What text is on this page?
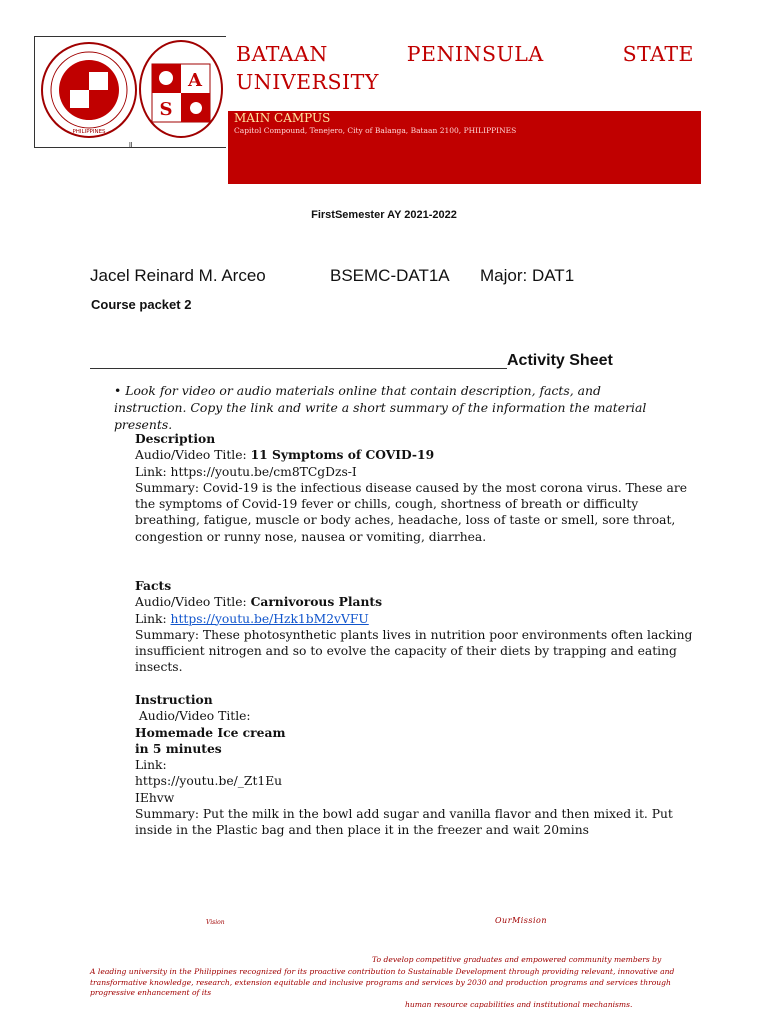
PHILIPPINES
A
S
ll
BATAAN	PENINSULA	STATE
UNIVERSITY
MAIN CAMPUS
Capitol Compound, Tenejero, City of Balanga, Bataan 2100, PHILIPPINES
FirstSemester AY 2021-2022
Jacel Reinard M. Arceo	BSEMC-DAT1A Major: DAT1
Course packet 2
Activity Sheet
• Look for video or audio materials online that contain description, facts, and instruction. Copy the link and write a short summary of the information the material presents.
Description
Audio/Video Title: 11 Symptoms of COVID-19
Link: https://youtu.be/cm8TCgDzs-I
Summary: Covid-19 is the infectious disease caused by the most corona virus. These are the symptoms of Covid-19 fever or chills, cough, shortness of breath or difficulty breathing, fatigue, muscle or body aches, headache, loss of taste or smell, sore throat, congestion or runny nose, nausea or vomiting, diarrhea.
Facts
Audio/Video Title: Carnivorous Plants
Link: https://youtu.be/Hzk1bM2vVFU
Summary: These photosynthetic plants lives in nutrition poor environments often lacking insufficient nitrogen and so to evolve the capacity of their diets by trapping and eating insects.
Instruction
Audio/Video Title:
Homemade Ice cream
in 5 minutes
Link:
https://youtu.be/_Zt1Eu
IEhvw
Summary: Put the milk in the bowl add sugar and vanilla flavor and then mixed it. Put inside in the Plastic bag and then place it in the freezer and wait 20mins
Vision	OurMission
To develop competitive graduates and empowered community members by
A leading university in the Philippines recognized for its proactive contribution to Sustainable Development through providing relevant, innovative and transformative knowledge, research, extension equitable and inclusive programs and services by 2030 and production programs and services through progressive enhancement of its
human resource capabilities and institutional mechanisms.
